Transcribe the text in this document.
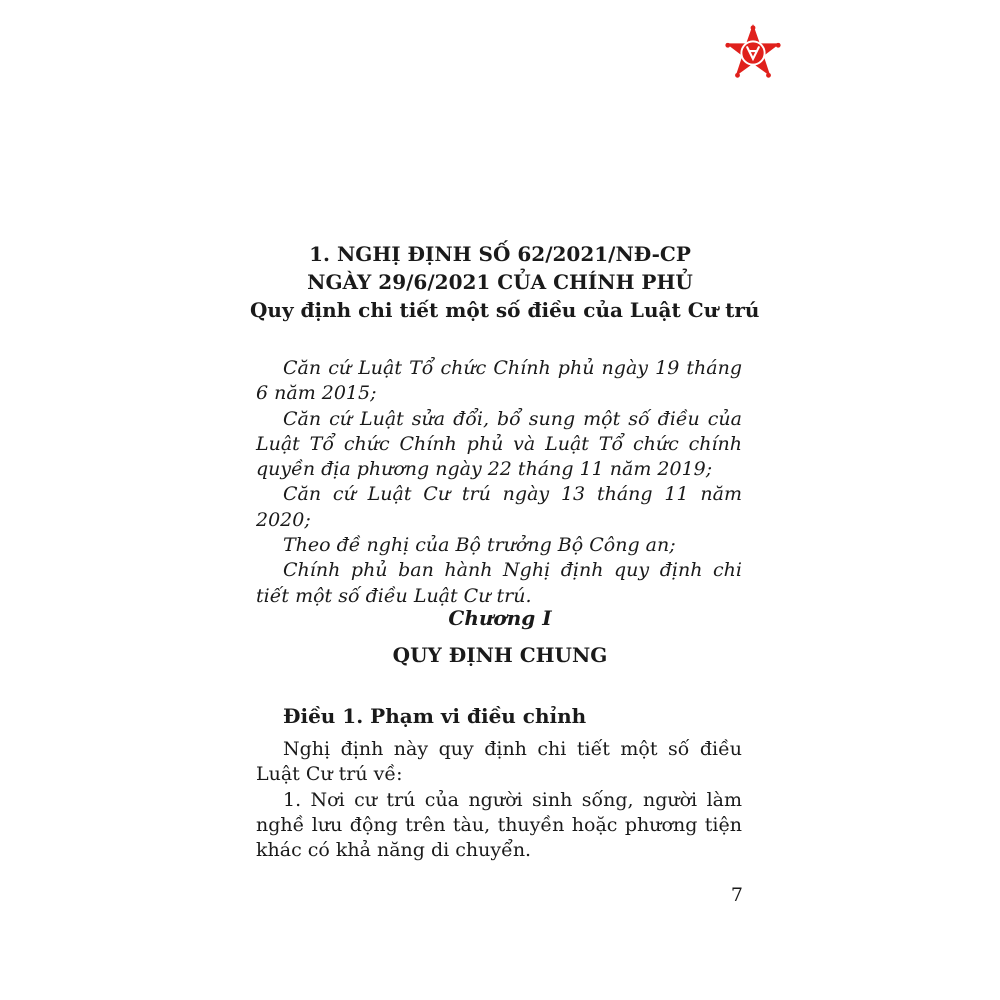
1. NGHỊ ĐỊNH SỐ 62/2021/NĐ-CP
NGÀY 29/6/2021 CỦA CHÍNH PHỦ
Quy định chi tiết một số điều của Luật Cư trú
Căn cứ Luật Tổ chức Chính phủ ngày 19 tháng 6 năm 2015;
Căn cứ Luật sửa đổi, bổ sung một số điều của Luật Tổ chức Chính phủ và Luật Tổ chức chính quyền địa phương ngày 22 tháng 11 năm 2019;
Căn cứ Luật Cư trú ngày 13 tháng 11 năm 2020;
Theo đề nghị của Bộ trưởng Bộ Công an;
Chính phủ ban hành Nghị định quy định chi tiết một số điều Luật Cư trú.
Chương I
QUY ĐỊNH CHUNG
Điều 1. Phạm vi điều chỉnh
Nghị định này quy định chi tiết một số điều Luật Cư trú về:
1. Nơi cư trú của người sinh sống, người làm nghề lưu động trên tàu, thuyền hoặc phương tiện khác có khả năng di chuyển.
7
